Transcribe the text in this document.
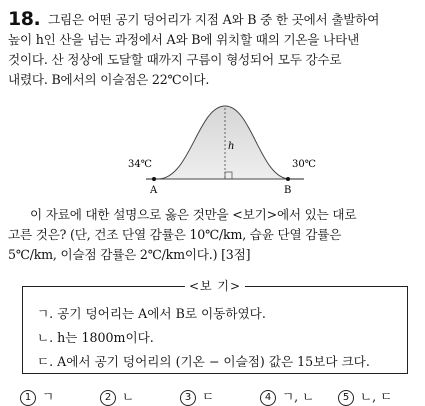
18. 그림은 어떤 공기 덩어리가 지점 A와 B 중 한 곳에서 출발하여
높이 h인 산을 넘는 과정에서 A와 B에 위치할 때의 기온을 나타낸
것이다. 산 정상에 도달할 때까지 구름이 형성되어 모두 강수로
내렸다. B에서의 이슬점은 22℃이다.
h
34℃	30℃
A	B
이 자료에 대한 설명으로 옳은 것만을 <보기>에서 있는 대로
고른 것은? (단, 건조 단열 감률은 10℃/km, 습윤 단열 감률은
5℃/km, 이슬점 감률은 2℃/km이다.) [3점]
<보 기>
ㄱ. 공기 덩어리는 A에서 B로 이동하였다.
ㄴ. h는 1800m이다.
ㄷ. A에서 공기 덩어리의 (기온 − 이슬점) 값은 15보다 크다.
1 ㄱ	2 ㄴ	3 ㄷ	4 ㄱ, ㄴ	5 ㄴ, ㄷ
